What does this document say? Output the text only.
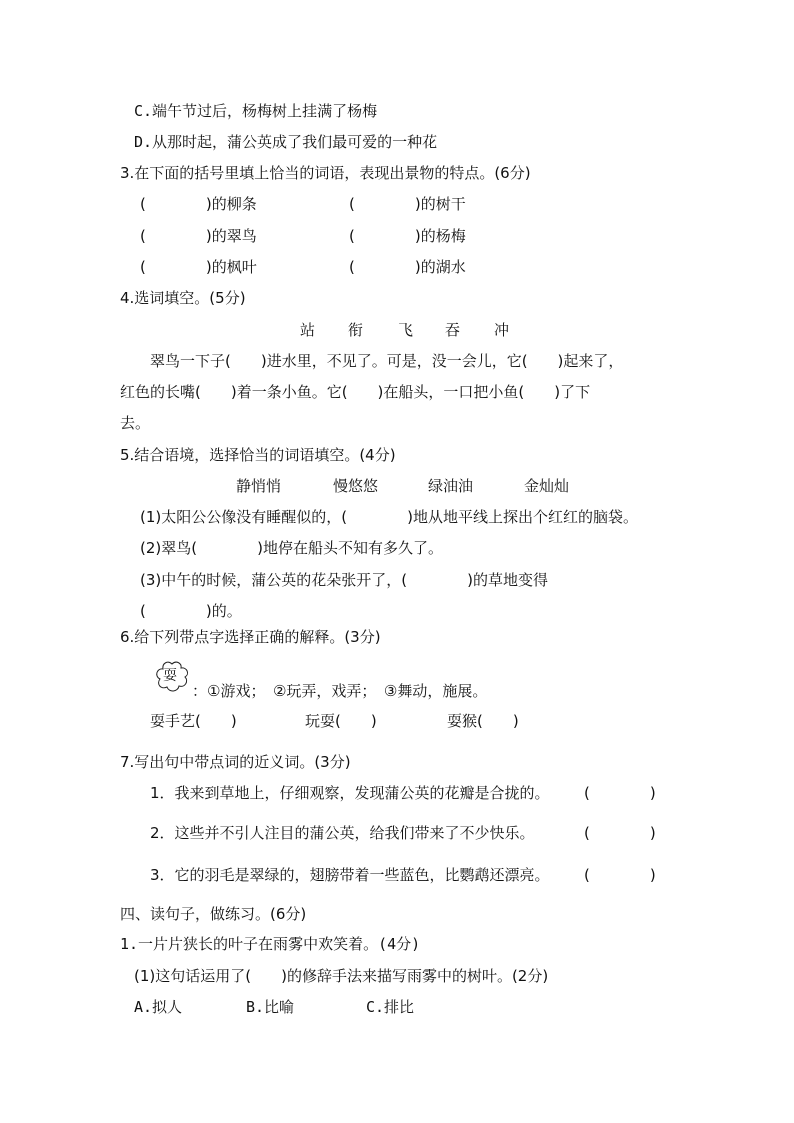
C.端午节过后，杨梅树上挂满了杨梅
D.从那时起，蒲公英成了我们最可爱的一种花
3.在下面的括号里填上恰当的词语，表现出景物的特点。(6分)
(　　　　)的柳条	(　　　　)的树干
(　　　　)的翠鸟	(　　　　)的杨梅
(　　　　)的枫叶	(　　　　)的湖水
4.选词填空。(5分)
站 衔 飞 吞 冲
翠鸟一下子(　　)进水里，不见了。可是，没一会儿，它(　　)起来了，
红色的长嘴(　　)着一条小鱼。它(　　)在船头，一口把小鱼(　　)了下
去。
5.结合语境，选择恰当的词语填空。(4分)
静悄悄	慢悠悠	绿油油	金灿灿
(1)太阳公公像没有睡醒似的，(　　　　)地从地平线上探出个红红的脑袋。
(2)翠鸟(　　　　)地停在船头不知有多久了。
(3)中午的时候，蒲公英的花朵张开了，(　　　　)的草地变得
(　　　　)的。
6.给下列带点字选择正确的解释。(3分)
耍
：①游戏；　②玩弄，戏弄；　③舞动，施展。
耍手艺(　　)	玩耍(　　)	耍猴(　　)
7.写出句中带点词的近义词。(3分)
1．我来到草地上，仔细观察，发现蒲公英的花瓣是合拢的。 (　　　　)
2．这些并不引人注目的蒲公英，给我们带来了不少快乐。	(　　　　)
3．它的羽毛是翠绿的，翅膀带着一些蓝色，比鹦鹉还漂亮。 (　　　　)
四、读句子，做练习。(6分)
1.一片片狭长的叶子在雨雾中欢笑着。(4分)
(1)这句话运用了(　　)的修辞手法来描写雨雾中的树叶。(2分)
A.拟人	B.比喻	C.排比
